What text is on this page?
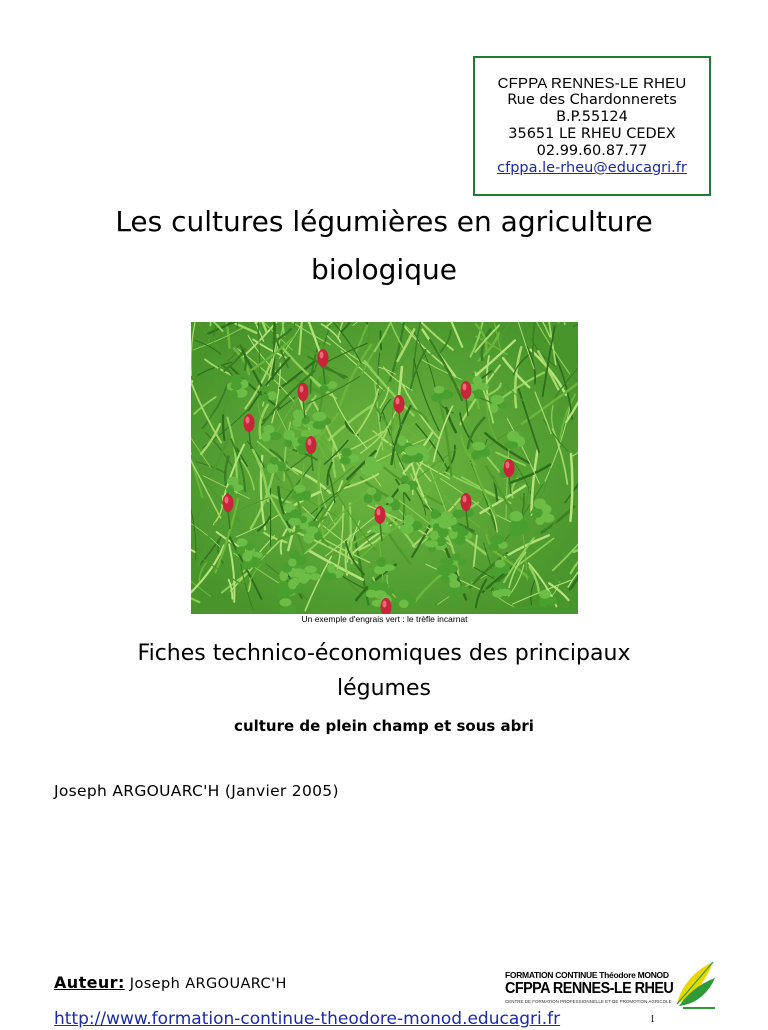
CFPPA RENNES-LE RHEU
Rue des Chardonnerets
B.P.55124
35651 LE RHEU CEDEX
02.99.60.87.77
cfppa.le-rheu@educagri.fr
Les cultures légumières en agriculture
biologique
Un exemple d'engrais vert : le trèfle incarnat
Fiches technico-économiques des principaux
légumes
culture de plein champ et sous abri
Joseph ARGOUARC'H (Janvier 2005)
Auteur: Joseph ARGOUARC'H
http://www.formation-continue-theodore-monod.educagri.fr
FORMATION CONTINUE Théodore MONOD
CFPPA RENNES-LE RHEU
CENTRE DE FORMATION PROFESSIONNELLE ET DE PROMOTION AGRICOLE
1
